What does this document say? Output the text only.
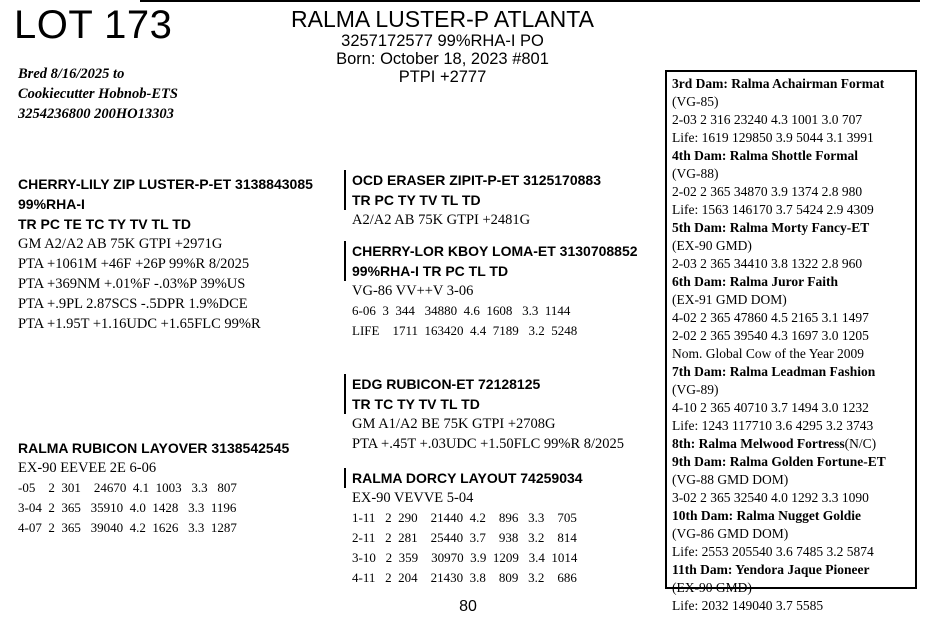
LOT 173	RALMA LUSTER-P ATLANTA
3257172577 99%RHA-I PO
Born: October 18, 2023 #801
PTPI +2777
Bred 8/16/2025 to
Cookiecutter Hobnob-ETS
3254236800 200HO13303
CHERRY-LILY ZIP LUSTER-P-ET 3138843085
99%RHA-I
TR PC TE TC TY TV TL TD
GM A2/A2 AB 75K GTPI +2971G
PTA +1061M +46F +26P 99%R 8/2025
PTA +369NM +.01%F -.03%P 39%US
PTA +.9PL 2.87SCS -.5DPR 1.9%DCE
PTA +1.95T +1.16UDC +1.65FLC 99%R
RALMA RUBICON LAYOVER 3138542545
EX-90 EEVEE 2E 6-06
-05    2  301    24670  4.1  1003   3.3   807
3-04  2  365   35910  4.0  1428   3.3  1196
4-07  2  365   39040  4.2  1626   3.3  1287
OCD ERASER ZIPIT-P-ET 3125170883
TR PC TY TV TL TD
A2/A2 AB 75K GTPI +2481G
CHERRY-LOR KBOY LOMA-ET 3130708852
99%RHA-I TR PC TL TD
VG-86 VV++V 3-06
6-06  3  344   34880  4.6  1608   3.3  1144
LIFE    1711  163420  4.4  7189   3.2  5248
EDG RUBICON-ET 72128125
TR TC TY TV TL TD
GM A1/A2 BE 75K GTPI +2708G
PTA +.45T +.03UDC +1.50FLC 99%R 8/2025
RALMA DORCY LAYOUT 74259034
EX-90 VEVVE 5-04
1-11   2  290    21440  4.2    896   3.3    705
2-11   2  281    25440  3.7    938   3.2    814
3-10   2  359    30970  3.9  1209   3.4  1014
4-11   2  204    21430  3.8    809   3.2    686
3rd Dam: Ralma Achairman Format
(VG-85)
2-03 2 316 23240 4.3 1001 3.0 707
Life: 1619 129850 3.9 5044 3.1 3991
4th Dam: Ralma Shottle Formal
(VG-88)
2-02 2 365 34870 3.9 1374 2.8 980
Life: 1563 146170 3.7 5424 2.9 4309
5th Dam: Ralma Morty Fancy-ET
(EX-90 GMD)
2-03 2 365 34410 3.8 1322 2.8 960
6th Dam: Ralma Juror Faith
(EX-91 GMD DOM)
4-02 2 365 47860 4.5 2165 3.1 1497
2-02 2 365 39540 4.3 1697 3.0 1205
Nom. Global Cow of the Year 2009
7th Dam: Ralma Leadman Fashion
(VG-89)
4-10 2 365 40710 3.7 1494 3.0 1232
Life: 1243 117710 3.6 4295 3.2 3743
8th: Ralma Melwood Fortress(N/C)
9th Dam: Ralma Golden Fortune-ET
(VG-88 GMD DOM)
3-02 2 365 32540 4.0 1292 3.3 1090
10th Dam: Ralma Nugget Goldie
(VG-86 GMD DOM)
Life: 2553 205540 3.6 7485 3.2 5874
11th Dam: Yendora Jaque Pioneer
(EX-90 GMD)
Life: 2032 149040 3.7 5585
80
